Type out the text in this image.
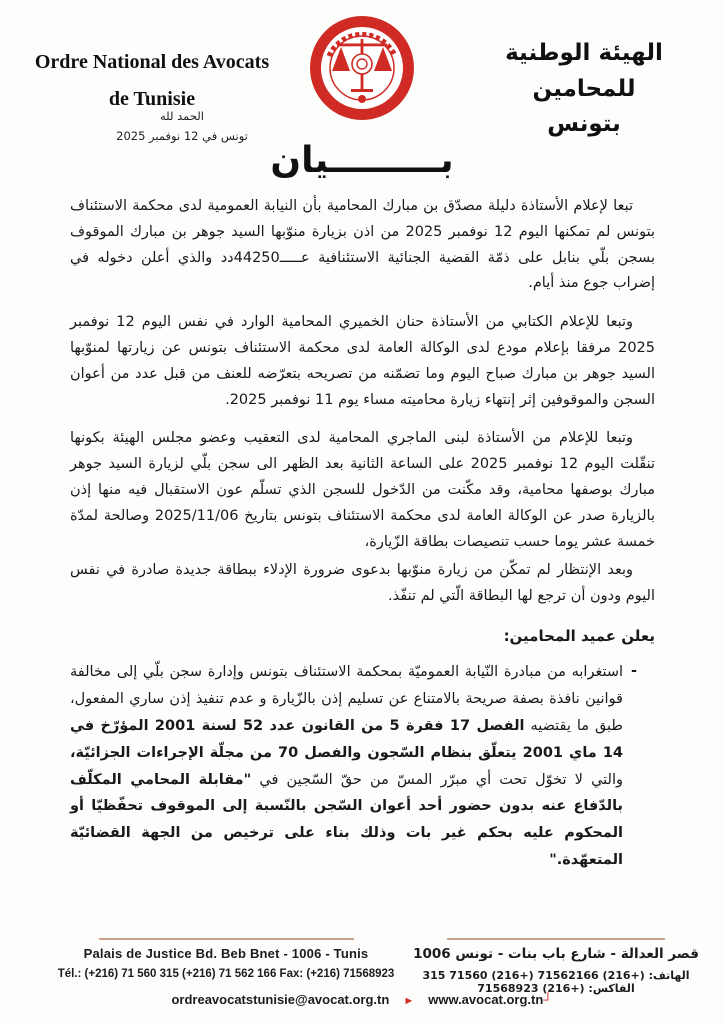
Ordre National des Avocats
de Tunisie
الهيئة الوطنية للمحامين
بتونس
الحمد لله
تونس في 12 نوفمبر 2025
بـــــــــيان

تبعا لإعلام الأستاذة دليلة مصدّق بن مبارك المحامية بأن النيابة العمومية لدى محكمة الاستئناف بتونس لم تمكنها اليوم 12 نوفمبر 2025 من اذن بزيارة منوّبها السيد جوهر بن مبارك الموقوف بسجن بلّي بنابل على ذمّة القضية الجنائية الاستئنافية عـــــ44250دد والذي أعلن دخوله في إضراب جوع منذ أيام.

وتبعا للإعلام الكتابي من الأستاذة حنان الخميري المحامية الوارد في نفس اليوم 12 نوفمبر 2025 مرفقا بإعلام مودع لدى الوكالة العامة لدى محكمة الاستئناف بتونس عن زيارتها لمنوّبها السيد جوهر بن مبارك صباح اليوم وما تضمّنه من تصريحه بتعرّضه للعنف من قبل عدد من أعوان السجن والموقوفين إثر إنتهاء زيارة محاميته مساء يوم 11 نوفمبر 2025.

وتبعا للإعلام من الأستاذة لبنى الماجري المحامية لدى التعقيب وعضو مجلس الهيئة بكونها تنقّلت اليوم 12 نوفمبر 2025 على الساعة الثانية بعد الظهر الى سجن بلّي لزيارة السيد جوهر مبارك بوصفها محامية، وقد مكّنت من الدّخول للسجن الذي تسلّم عون الاستقبال فيه منها إذن بالزيارة صدر عن الوكالة العامة لدى محكمة الاستئناف بتونس بتاريخ 2025/11/06 وصالحة لمدّة خمسة عشر يوما حسب تنصيصات بطاقة الزّيارة،

وبعد الإنتظار لم تمكّن من زيارة منوّبها بدعوى ضرورة الإدلاء ببطاقة جديدة صادرة في نفس اليوم ودون أن ترجع لها البطاقة الّتي لم تنفّذ.

يعلن عميد المحامين:

-
استغرابه من مبادرة النّيابة العموميّة بمحكمة الاستئناف بتونس وإدارة سجن بلّي إلى مخالفة قوانين نافذة بصفة صريحة بالامتناع عن تسليم إذن بالزّيارة و عدم تنفيذ إذن ساري المفعول، طبق ما يقتضيه الفصل 17 فقرة 5 من القانون عدد 52 لسنة 2001 المؤرّخ في 14 ماي 2001 يتعلّق بنظام السّجون والفصل 70 من مجلّة الإجراءات الجزائيّة، والتي لا تخوّل تحت أي مبرّر المسّ من حقّ السّجين في "مقابلة المحامي المكلّف بالدّفاع عنه بدون حضور أحد أعوان السّجن بالنّسبة إلى الموقوف تحفّظيّا أو المحكوم عليه بحكم غير بات وذلك بناء على ترخيص من الجهة القضائيّة المتعهّدة."
Palais de Justice Bd. Beb Bnet - 1006 - Tunis
Tél.: (+216) 71 560 315 (+216) 71 562 166 Fax: (+216) 71568923
قصر العدالة - شارع باب بنات - تونس 1006
الهاتف: (+216) 71562166 (+216) 71560 315 الفاكس: (+216) 71568923
ordreavocatstunisie@avocat.org.tn ► www.avocat.org.tn┘
